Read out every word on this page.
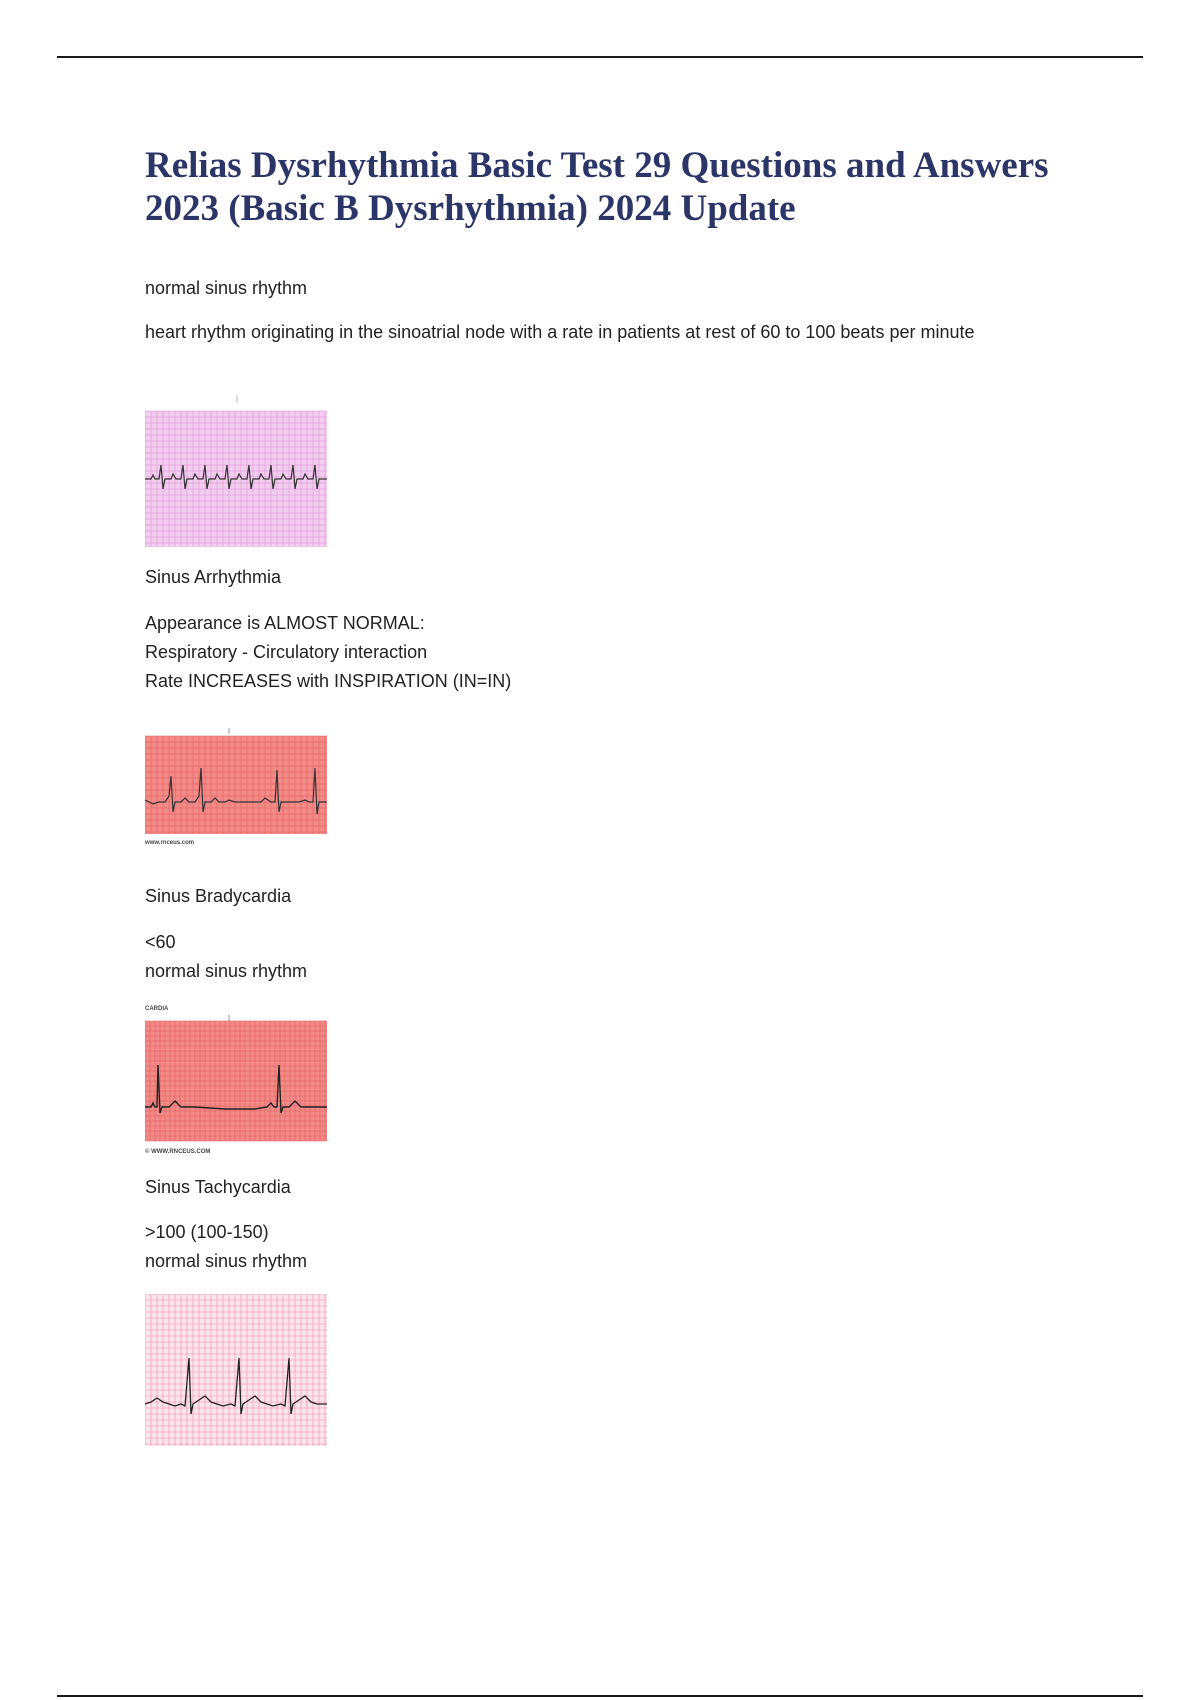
Relias Dysrhythmia Basic Test 29 Questions and Answers 2023 (Basic B Dysrhythmia) 2024 Update
normal sinus rhythm
heart rhythm originating in the sinoatrial node with a rate in patients at rest of 60 to 100 beats per minute
Sinus Arrhythmia
Appearance is ALMOST NORMAL:
Respiratory - Circulatory interaction
Rate INCREASES with INSPIRATION (IN=IN)
www.rnceus.com
Sinus Bradycardia
<60
normal sinus rhythm
CARDIA
© WWW.RNCEUS.COM
Sinus Tachycardia
>100 (100-150)
normal sinus rhythm
